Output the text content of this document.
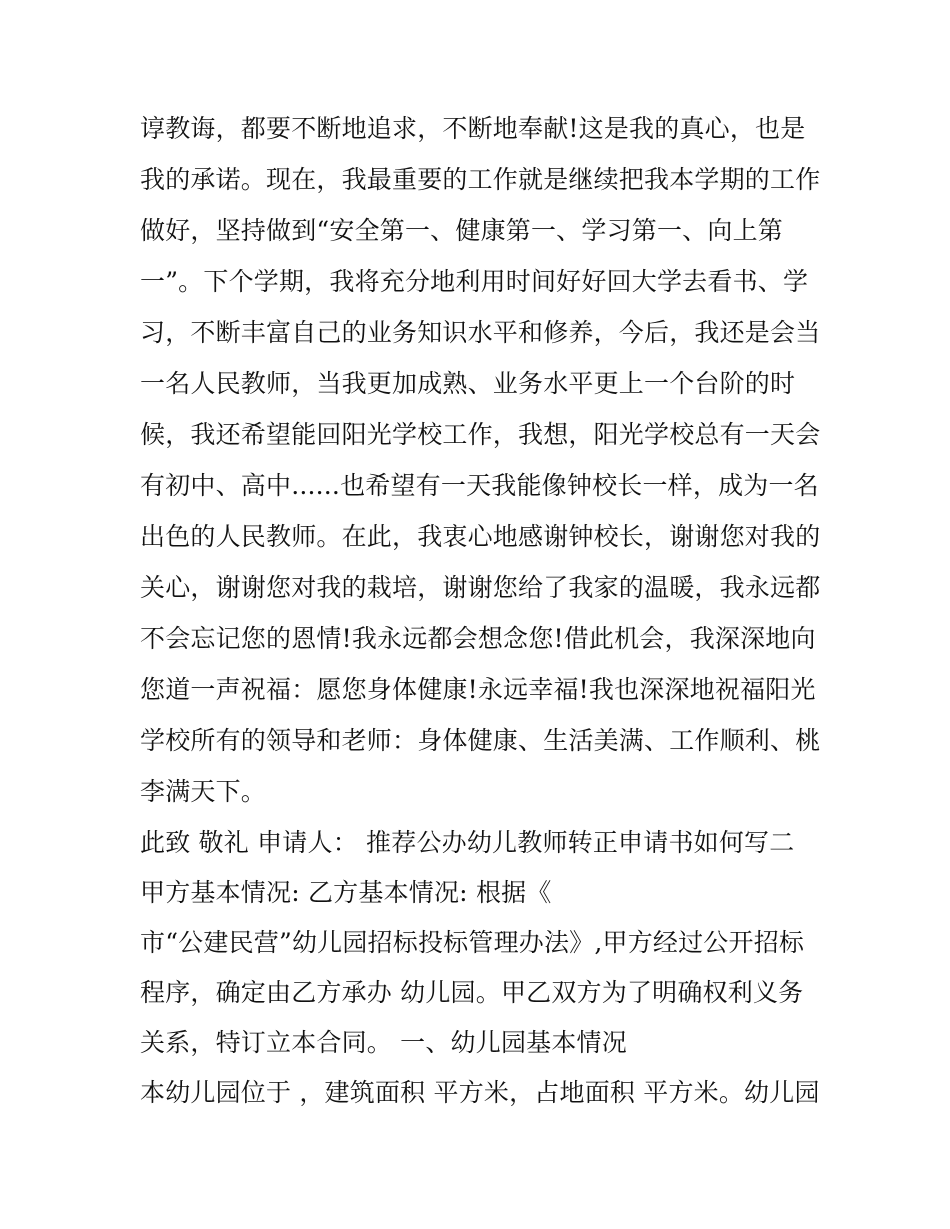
谆教诲，都要不断地追求，不断地奉献!这是我的真心，也是
我的承诺。现在，我最重要的工作就是继续把我本学期的工作
做好，坚持做到“安全第一、健康第一、学习第一、向上第
一”。下个学期，我将充分地利用时间好好回大学去看书、学
习，不断丰富自己的业务知识水平和修养，今后，我还是会当
一名人民教师，当我更加成熟、业务水平更上一个台阶的时
候，我还希望能回阳光学校工作，我想，阳光学校总有一天会
有初中、高中......也希望有一天我能像钟校长一样，成为一名
出色的人民教师。在此，我衷心地感谢钟校长，谢谢您对我的
关心，谢谢您对我的栽培，谢谢您给了我家的温暖，我永远都
不会忘记您的恩情!我永远都会想念您!借此机会，我深深地向
您道一声祝福：愿您身体健康!永远幸福!我也深深地祝福阳光
学校所有的领导和老师：身体健康、生活美满、工作顺利、桃
李满天下。
此致 敬礼 申请人： 推荐公办幼儿教师转正申请书如何写二
甲方基本情况: 乙方基本情况: 根据《
市“公建民营”幼儿园招标投标管理办法》,甲方经过公开招标
程序，确定由乙方承办 幼儿园。甲乙双方为了明确权利义务
关系，特订立本合同。 一、幼儿园基本情况
本幼儿园位于 ，建筑面积 平方米，占地面积 平方米。幼儿园
